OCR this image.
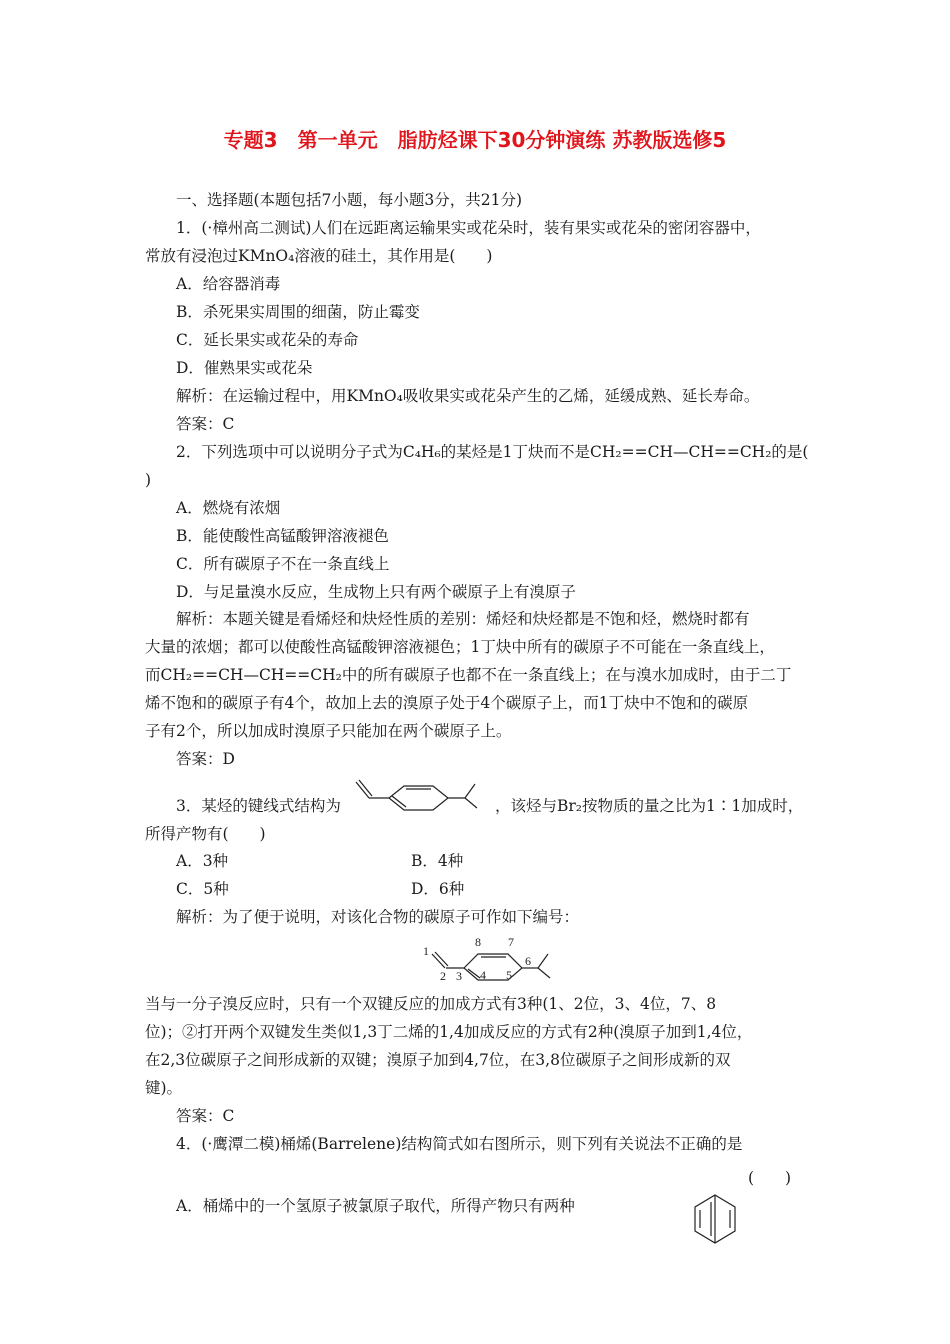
专题3　第一单元　脂肪烃课下30分钟演练 苏教版选修5
一、选择题(本题包括7小题，每小题3分，共21分)
1．(·樟州高二测试)人们在远距离运输果实或花朵时，装有果实或花朵的密闭容器中，
常放有浸泡过KMnO₄溶液的硅土，其作用是(　　)
A．给容器消毒
B．杀死果实周围的细菌，防止霉变
C．延长果实或花朵的寿命
D．催熟果实或花朵
解析：在运输过程中，用KMnO₄吸收果实或花朵产生的乙烯，延缓成熟、延长寿命。
答案：C
2．下列选项中可以说明分子式为C₄H₆的某烃是1丁炔而不是CH₂==CH—CH==CH₂的是(
)
A．燃烧有浓烟
B．能使酸性高锰酸钾溶液褪色
C．所有碳原子不在一条直线上
D．与足量溴水反应，生成物上只有两个碳原子上有溴原子
解析：本题关键是看烯烃和炔烃性质的差别：烯烃和炔烃都是不饱和烃，燃烧时都有
大量的浓烟；都可以使酸性高锰酸钾溶液褪色；1丁炔中所有的碳原子不可能在一条直线上，
而CH₂==CH—CH==CH₂中的所有碳原子也都不在一条直线上；在与溴水加成时，由于二丁
烯不饱和的碳原子有4个，故加上去的溴原子处于4个碳原子上，而1丁炔中不饱和的碳原
子有2个，所以加成时溴原子只能加在两个碳原子上。
答案：D
3．某烃的键线式结构为	，该烃与Br₂按物质的量之比为1∶1加成时，
所得产物有(　　)
A．3种	B．4种
C．5种	D．6种
解析：为了便于说明，对该化合物的碳原子可作如下编号：
1
2 3 4 5
6
7
8
当与一分子溴反应时，只有一个双键反应的加成方式有3种(1、2位，3、4位，7、8
位)；②打开两个双键发生类似1,3丁二烯的1,4加成反应的方式有2种(溴原子加到1,4位，
在2,3位碳原子之间形成新的双键；溴原子加到4,7位，在3,8位碳原子之间形成新的双
键)。
答案：C
4．(·鹰潭二模)桶烯(Barrelene)结构简式如右图所示，则下列有关说法不正确的是
(　　)
A．桶烯中的一个氢原子被氯原子取代，所得产物只有两种
